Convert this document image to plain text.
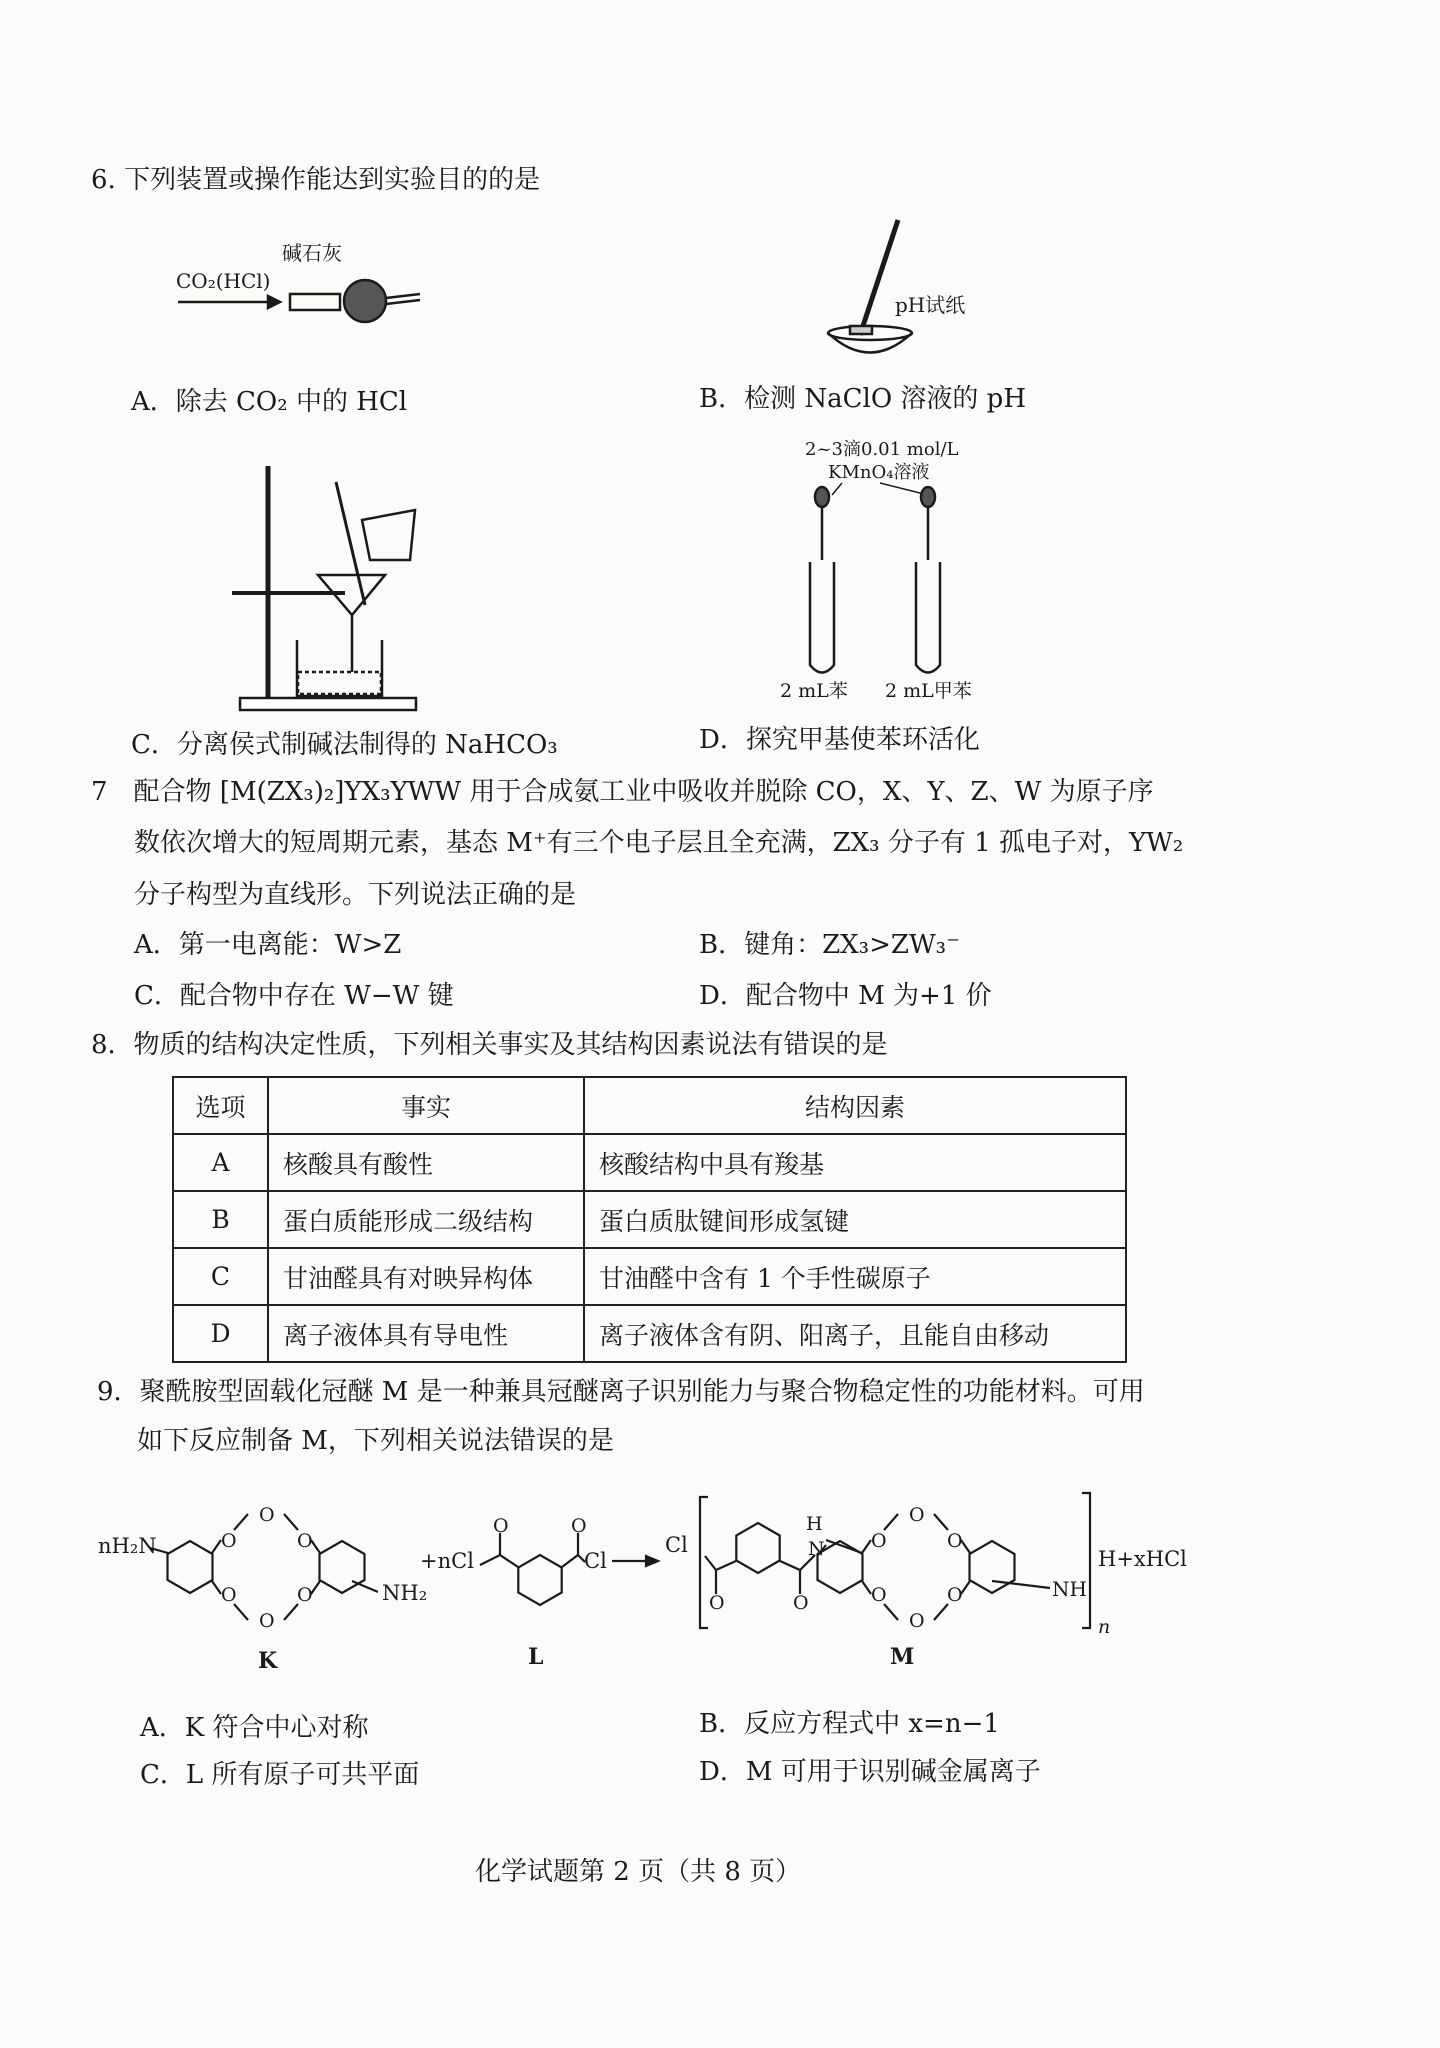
6. 下列装置或操作能达到实验目的的是
A．除去 CO₂ 中的 HCl	B．检测 NaClO 溶液的 pH
C．分离侯式制碱法制得的 NaHCO₃	D．探究甲基使苯环活化
7　配合物 [M(ZX₃)₂]YX₃YWW 用于合成氨工业中吸收并脱除 CO，X、Y、Z、W 为原子序
数依次增大的短周期元素，基态 M⁺有三个电子层且全充满，ZX₃ 分子有 1 孤电子对，YW₂
分子构型为直线形。下列说法正确的是
A．第一电离能：W>Z	B．键角：ZX₃>ZW₃⁻
C．配合物中存在 W−W 键	D．配合物中 M 为+1 价
8．物质的结构决定性质，下列相关事实及其结构因素说法有错误的是
选项	事实	结构因素
A	核酸具有酸性	核酸结构中具有羧基
B	蛋白质能形成二级结构	蛋白质肽键间形成氢键
C	甘油醛具有对映异构体	甘油醛中含有 1 个手性碳原子
D	离子液体具有导电性	离子液体含有阴、阳离子，且能自由移动
9．聚酰胺型固载化冠醚 M 是一种兼具冠醚离子识别能力与聚合物稳定性的功能材料。可用
如下反应制备 M，下列相关说法错误的是
A．K 符合中心对称	B．反应方程式中 x=n−1
C．L 所有原子可共平面	D．M 可用于识别碱金属离子
化学试题第 2 页（共 8 页）
CO₂(HCl)
碱石灰
pH试纸
2~3滴0.01 mol/L
KMnO₄溶液
2 mL苯 2 mL甲苯
nH₂N
NH₂
+nCl	Cl
Cl
H
NH
H+xHCl
n
K	L	M
O
O
O
O
O
O
O
O
O
O
O
O
O	O
O	O
N
